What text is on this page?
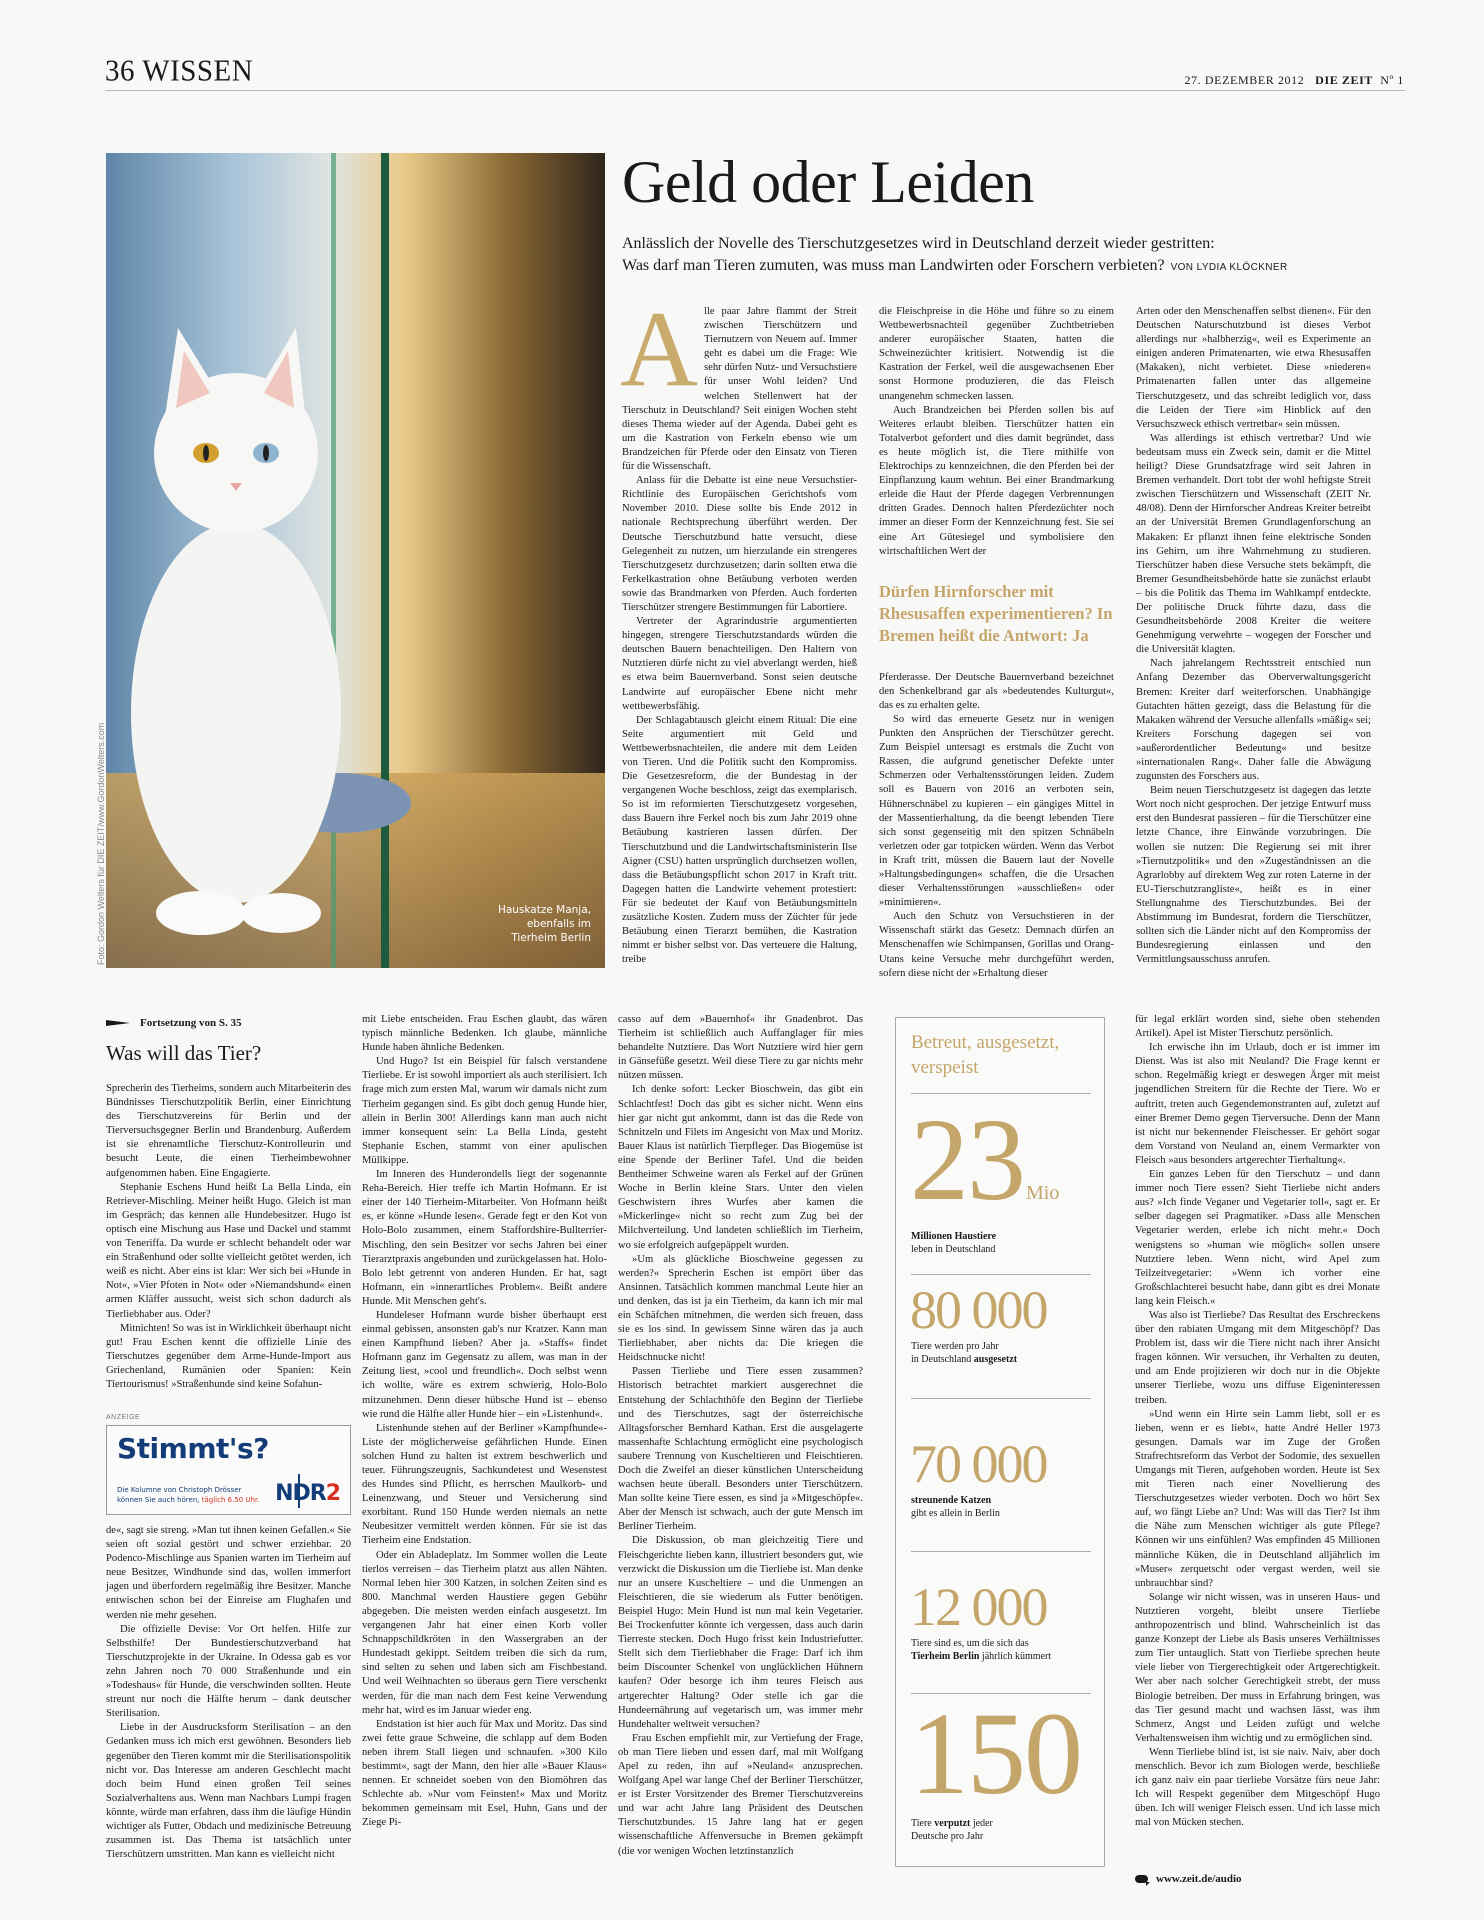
36 WISSEN	27. DEZEMBER 2012 DIE ZEIT Nº 1
Hauskatze Manja,
ebenfalls im
Tierheim Berlin
Foto: Gordon Welters für DIE ZEIT/www.GordonWelters.com
Geld oder Leiden
Anlässlich der Novelle des Tierschutzgesetzes wird in Deutschland derzeit wieder gestritten:
Was darf man Tieren zumuten, was muss man Landwirten oder Forschern verbieten? VON LYDIA KLÖCKNER

Alle paar Jahre flammt der Streit zwischen Tierschützern und Tiernutzern von Neuem auf. Immer geht es dabei um die Frage: Wie sehr dürfen Nutz- und Versuchstiere für unser Wohl leiden? Und welchen Stellenwert hat der Tierschutz in Deutschland? Seit einigen Wochen steht dieses Thema wieder auf der Agenda. Dabei geht es um die Kastration von Ferkeln ebenso wie um Brandzeichen für Pferde oder den Einsatz von Tieren für die Wissenschaft.

Anlass für die Debatte ist eine neue Versuchstier-Richtlinie des Europäischen Gerichtshofs vom November 2010. Diese sollte bis Ende 2012 in nationale Rechtsprechung überführt werden. Der Deutsche Tierschutzbund hatte versucht, diese Gelegenheit zu nutzen, um hierzulande ein strengeres Tierschutzgesetz durchzusetzen; darin sollten etwa die Ferkelkastration ohne Betäubung verboten werden sowie das Brandmarken von Pferden. Auch forderten Tierschützer strengere Bestimmungen für Labortiere.

Vertreter der Agrarindustrie argumentierten hingegen, strengere Tierschutzstandards würden die deutschen Bauern benachteiligen. Den Haltern von Nutztieren dürfe nicht zu viel abverlangt werden, hieß es etwa beim Bauernverband. Sonst seien deutsche Landwirte auf europäischer Ebene nicht mehr wettbewerbsfähig.

Der Schlagabtausch gleicht einem Ritual: Die eine Seite argumentiert mit Geld und Wettbewerbsnachteilen, die andere mit dem Leiden von Tieren. Und die Politik sucht den Kompromiss. Die Gesetzesreform, die der Bundestag in der vergangenen Woche beschloss, zeigt das exemplarisch. So ist im reformierten Tierschutzgesetz vorgesehen, dass Bauern ihre Ferkel noch bis zum Jahr 2019 ohne Betäubung kastrieren lassen dürfen. Der Tierschutzbund und die Landwirtschaftsministerin Ilse Aigner (CSU) hatten ursprünglich durchsetzen wollen, dass die Betäubungspflicht schon 2017 in Kraft tritt. Dagegen hatten die Landwirte vehement protestiert: Für sie bedeutet der Kauf von Betäubungsmitteln zusätzliche Kosten. Zudem muss der Züchter für jede Betäubung einen Tierarzt bemühen, die Kastration nimmt er bisher selbst vor. Das verteuere die Haltung, treibe

die Fleischpreise in die Höhe und führe so zu einem Wettbewerbsnachteil gegenüber Zuchtbetrieben anderer europäischer Staaten, hatten die Schweinezüchter kritisiert. Notwendig ist die Kastration der Ferkel, weil die ausgewachsenen Eber sonst Hormone produzieren, die das Fleisch unangenehm schmecken lassen.

Auch Brandzeichen bei Pferden sollen bis auf Weiteres erlaubt bleiben. Tierschützer hatten ein Totalverbot gefordert und dies damit begründet, dass es heute möglich ist, die Tiere mithilfe von Elektrochips zu kennzeichnen, die den Pferden bei der Einpflanzung kaum wehtun. Bei einer Brandmarkung erleide die Haut der Pferde dagegen Verbrennungen dritten Grades. Dennoch halten Pferdezüchter noch immer an dieser Form der Kennzeichnung fest. Sie sei eine Art Gütesiegel und symbolisiere den wirtschaftlichen Wert der

Dürfen Hirnforscher mit Rhesusaffen experimentieren? In Bremen heißt die Antwort: Ja

Pferderasse. Der Deutsche Bauernverband bezeichnet den Schenkelbrand gar als »bedeutendes Kulturgut«, das es zu erhalten gelte.

So wird das erneuerte Gesetz nur in wenigen Punkten den Ansprüchen der Tierschützer gerecht. Zum Beispiel untersagt es erstmals die Zucht von Rassen, die aufgrund genetischer Defekte unter Schmerzen oder Verhaltensstörungen leiden. Zudem soll es Bauern von 2016 an verboten sein, Hühnerschnäbel zu kupieren – ein gängiges Mittel in der Massentierhaltung, da die beengt lebenden Tiere sich sonst gegenseitig mit den spitzen Schnäbeln verletzen oder gar totpicken würden. Wenn das Verbot in Kraft tritt, müssen die Bauern laut der Novelle »Haltungsbedingungen« schaffen, die die Ursachen dieser Verhaltensstörungen »ausschließen« oder »minimieren«.

Auch den Schutz von Versuchstieren in der Wissenschaft stärkt das Gesetz: Demnach dürfen an Menschenaffen wie Schimpansen, Gorillas und Orang-Utans keine Versuche mehr durchgeführt werden, sofern diese nicht der »Erhaltung dieser

Arten oder den Menschenaffen selbst dienen«. Für den Deutschen Naturschutzbund ist dieses Verbot allerdings nur »halbherzig«, weil es Experimente an einigen anderen Primatenarten, wie etwa Rhesusaffen (Makaken), nicht verbietet. Diese »niederen« Primatenarten fallen unter das allgemeine Tierschutzgesetz, und das schreibt lediglich vor, dass die Leiden der Tiere »im Hinblick auf den Versuchszweck ethisch vertretbar« sein müssen.

Was allerdings ist ethisch vertretbar? Und wie bedeutsam muss ein Zweck sein, damit er die Mittel heiligt? Diese Grundsatzfrage wird seit Jahren in Bremen verhandelt. Dort tobt der wohl heftigste Streit zwischen Tierschützern und Wissenschaft (ZEIT Nr. 48/08). Denn der Hirnforscher Andreas Kreiter betreibt an der Universität Bremen Grundlagenforschung an Makaken: Er pflanzt ihnen feine elektrische Sonden ins Gehirn, um ihre Wahrnehmung zu studieren. Tierschützer haben diese Versuche stets bekämpft, die Bremer Gesundheitsbehörde hatte sie zunächst erlaubt – bis die Politik das Thema im Wahlkampf entdeckte. Der politische Druck führte dazu, dass die Gesundheitsbehörde 2008 Kreiter die weitere Genehmigung verwehrte – wogegen der Forscher und die Universität klagten.

Nach jahrelangem Rechtsstreit entschied nun Anfang Dezember das Oberverwaltungsgericht Bremen: Kreiter darf weiterforschen. Unabhängige Gutachten hätten gezeigt, dass die Belastung für die Makaken während der Versuche allenfalls »mäßig« sei; Kreiters Forschung dagegen sei von »außerordentlicher Bedeutung« und besitze »internationalen Rang«. Daher falle die Abwägung zugunsten des Forschers aus.

Beim neuen Tierschutzgesetz ist dagegen das letzte Wort noch nicht gesprochen. Der jetzige Entwurf muss erst den Bundesrat passieren – für die Tierschützer eine letzte Chance, ihre Einwände vorzubringen. Die wollen sie nutzen: Die Regierung sei mit ihrer »Tiernutzpolitik« und den »Zugeständnissen an die Agrarlobby auf direktem Weg zur roten Laterne in der EU-Tierschutzrangliste«, heißt es in einer Stellungnahme des Tierschutzbundes. Bei der Abstimmung im Bundesrat, fordern die Tierschützer, sollten sich die Länder nicht auf den Kompromiss der Bundesregierung einlassen und den Vermittlungsausschuss anrufen.

Fortsetzung von S. 35
Was will das Tier?

Sprecherin des Tierheims, sondern auch Mitarbeiterin des Bündnisses Tierschutzpolitik Berlin, einer Einrichtung des Tierschutzvereins für Berlin und der Tierversuchsgegner Berlin und Brandenburg. Außerdem ist sie ehrenamtliche Tierschutz-Kontrolleurin und besucht Leute, die einen Tierheimbewohner aufgenommen haben. Eine Engagierte.

Stephanie Eschens Hund heißt La Bella Linda, ein Retriever-Mischling. Meiner heißt Hugo. Gleich ist man im Gespräch; das kennen alle Hundebesitzer. Hugo ist optisch eine Mischung aus Hase und Dackel und stammt von Teneriffa. Da wurde er schlecht behandelt oder war ein Straßenhund oder sollte vielleicht getötet werden, ich weiß es nicht. Aber eins ist klar: Wer sich bei »Hunde in Not«, »Vier Pfoten in Not« oder »Niemandshund« einen armen Kläffer aussucht, weist sich schon dadurch als Tierliebhaber aus. Oder?

Mitnichten! So was ist in Wirklichkeit überhaupt nicht gut! Frau Eschen kennt die offizielle Linie des Tierschutzes gegenüber dem Arme-Hunde-Import aus Griechenland, Rumänien oder Spanien: Kein Tiertourismus! »Straßenhunde sind keine Sofahun-

ANZEIGE
Stimmt's?
Die Kolumne von Christoph Drösser
können Sie auch hören, täglich 6.50 Uhr. NDR2

de«, sagt sie streng. »Man tut ihnen keinen Gefallen.« Sie seien oft sozial gestört und schwer erziehbar. 20 Podenco-Mischlinge aus Spanien warten im Tierheim auf neue Besitzer, Windhunde sind das, wollen immerfort jagen und überfordern regelmäßig ihre Besitzer. Manche entwischen schon bei der Einreise am Flughafen und werden nie mehr gesehen.

Die offizielle Devise: Vor Ort helfen. Hilfe zur Selbsthilfe! Der Bundestierschutzverband hat Tierschutzprojekte in der Ukraine. In Odessa gab es vor zehn Jahren noch 70 000 Straßenhunde und ein »Todeshaus« für Hunde, die verschwinden sollten. Heute streunt nur noch die Hälfte herum – dank deutscher Sterilisation.

Liebe in der Ausdrucksform Sterilisation – an den Gedanken muss ich mich erst gewöhnen. Besonders lieb gegenüber den Tieren kommt mir die Sterilisationspolitik nicht vor. Das Interesse am anderen Geschlecht macht doch beim Hund einen großen Teil seines Sozialverhaltens aus. Wenn man Nachbars Lumpi fragen könnte, würde man erfahren, dass ihm die läufige Hündin wichtiger als Futter, Obdach und medizinische Betreuung zusammen ist. Das Thema ist tatsächlich unter Tierschützern umstritten. Man kann es vielleicht nicht

mit Liebe entscheiden. Frau Eschen glaubt, das wären typisch männliche Bedenken. Ich glaube, männliche Hunde haben ähnliche Bedenken.

Und Hugo? Ist ein Beispiel für falsch verstandene Tierliebe. Er ist sowohl importiert als auch sterilisiert. Ich frage mich zum ersten Mal, warum wir damals nicht zum Tierheim gegangen sind. Es gibt doch genug Hunde hier, allein in Berlin 300! Allerdings kann man auch nicht immer konsequent sein: La Bella Linda, gesteht Stephanie Eschen, stammt von einer apulischen Müllkippe.

Im Inneren des Hunderondells liegt der sogenannte Reha-Bereich. Hier treffe ich Martin Hofmann. Er ist einer der 140 Tierheim-Mitarbeiter. Von Hofmann heißt es, er könne »Hunde lesen«. Gerade fegt er den Kot von Holo-Bolo zusammen, einem Staffordshire-Bullterrier-Mischling, den sein Besitzer vor sechs Jahren bei einer Tierarztpraxis angebunden und zurückgelassen hat. Holo-Bolo lebt getrennt von anderen Hunden. Er hat, sagt Hofmann, ein »innerartliches Problem«. Beißt andere Hunde. Mit Menschen geht's.

Hundeleser Hofmann wurde bisher überhaupt erst einmal gebissen, ansonsten gab's nur Kratzer. Kann man einen Kampfhund lieben? Aber ja. »Staffs« findet Hofmann ganz im Gegensatz zu allem, was man in der Zeitung liest, »cool und freundlich«. Doch selbst wenn ich wollte, wäre es extrem schwierig, Holo-Bolo mitzunehmen. Denn dieser hübsche Hund ist – ebenso wie rund die Hälfte aller Hunde hier – ein »Listenhund«.

Listenhunde stehen auf der Berliner »Kampfhunde«-Liste der möglicherweise gefährlichen Hunde. Einen solchen Hund zu halten ist extrem beschwerlich und teuer. Führungszeugnis, Sachkundetest und Wesenstest des Hundes sind Pflicht, es herrschen Maulkorb- und Leinenzwang, und Steuer und Versicherung sind exorbitant. Rund 150 Hunde werden niemals an nette Neubesitzer vermittelt werden können. Für sie ist das Tierheim eine Endstation.

Oder ein Abladeplatz. Im Sommer wollen die Leute tierlos verreisen – das Tierheim platzt aus allen Nähten. Normal leben hier 300 Katzen, in solchen Zeiten sind es 800. Manchmal werden Haustiere gegen Gebühr abgegeben. Die meisten werden einfach ausgesetzt. Im vergangenen Jahr hat einer einen Korb voller Schnappschildkröten in den Wassergraben an der Hundestadt gekippt. Seitdem treiben die sich da rum, sind selten zu sehen und laben sich am Fischbestand. Und weil Weihnachten so überaus gern Tiere verschenkt werden, für die man nach dem Fest keine Verwendung mehr hat, wird es im Januar wieder eng.

Endstation ist hier auch für Max und Moritz. Das sind zwei fette graue Schweine, die schlapp auf dem Boden neben ihrem Stall liegen und schnaufen. »300 Kilo bestimmt«, sagt der Mann, den hier alle »Bauer Klaus« nennen. Er schneidet soeben von den Biomöhren das Schlechte ab. »Nur vom Feinsten!« Max und Moritz bekommen gemeinsam mit Esel, Huhn, Gans und der Ziege Pi-

casso auf dem »Bauernhof« ihr Gnadenbrot. Das Tierheim ist schließlich auch Auffanglager für mies behandelte Nutztiere. Das Wort Nutztiere wird hier gern in Gänsefüße gesetzt. Weil diese Tiere zu gar nichts mehr nützen müssen.

Ich denke sofort: Lecker Bioschwein, das gibt ein Schlachtfest! Doch das gibt es sicher nicht. Wenn eins hier gar nicht gut ankommt, dann ist das die Rede von Schnitzeln und Filets im Angesicht von Max und Moritz. Bauer Klaus ist natürlich Tierpfleger. Das Biogemüse ist eine Spende der Berliner Tafel. Und die beiden Bentheimer Schweine waren als Ferkel auf der Grünen Woche in Berlin kleine Stars. Unter den vielen Geschwistern ihres Wurfes aber kamen die »Mickerlinge« nicht so recht zum Zug bei der Milchverteilung. Und landeten schließlich im Tierheim, wo sie erfolgreich aufgepäppelt wurden.

»Um als glückliche Bioschweine gegessen zu werden?« Sprecherin Eschen ist empört über das Ansinnen. Tatsächlich kommen manchmal Leute hier an und denken, das ist ja ein Tierheim, da kann ich mir mal ein Schäfchen mitnehmen, die werden sich freuen, dass sie es los sind. In gewissem Sinne wären das ja auch Tierliebhaber, aber nichts da: Die kriegen die Heidschnucke nicht!

Passen Tierliebe und Tiere essen zusammen? Historisch betrachtet markiert ausgerechnet die Entstehung der Schlachthöfe den Beginn der Tierliebe und des Tierschutzes, sagt der österreichische Alltagsforscher Bernhard Kathan. Erst die ausgelagerte massenhafte Schlachtung ermöglicht eine psychologisch saubere Trennung von Kuscheltieren und Fleischtieren. Doch die Zweifel an dieser künstlichen Unterscheidung wachsen heute überall. Besonders unter Tierschützern. Man sollte keine Tiere essen, es sind ja »Mitgeschöpfe«. Aber der Mensch ist schwach, auch der gute Mensch im Berliner Tierheim.

Die Diskussion, ob man gleichzeitig Tiere und Fleischgerichte lieben kann, illustriert besonders gut, wie verzwickt die Diskussion um die Tierliebe ist. Man denke nur an unsere Kuscheltiere – und die Unmengen an Fleischtieren, die sie wiederum als Futter benötigen. Beispiel Hugo: Mein Hund ist nun mal kein Vegetarier. Bei Trockenfutter könnte ich vergessen, dass auch darin Tierreste stecken. Doch Hugo frisst kein Industriefutter. Stellt sich dem Tierliebhaber die Frage: Darf ich ihm beim Discounter Schenkel von unglücklichen Hühnern kaufen? Oder besorge ich ihm teures Fleisch aus artgerechter Haltung? Oder stelle ich gar die Hundeernährung auf vegetarisch um, was immer mehr Hundehalter weltweit versuchen?

Frau Eschen empfiehlt mir, zur Vertiefung der Frage, ob man Tiere lieben und essen darf, mal mit Wolfgang Apel zu reden, ihn auf »Neuland« anzusprechen. Wolfgang Apel war lange Chef der Berliner Tierschützer, er ist Erster Vorsitzender des Bremer Tierschutzvereins und war acht Jahre lang Präsident des Deutschen Tierschutzbundes. 15 Jahre lang hat er gegen wissenschaftliche Affenversuche in Bremen gekämpft (die vor wenigen Wochen letztinstanzlich

Betreut, ausgesetzt, verspeist
23 Mio
Millionen Haustiere
leben in Deutschland
80 000
Tiere werden pro Jahr
in Deutschland ausgesetzt
70 000
streunende Katzen
gibt es allein in Berlin
12 000
Tiere sind es, um die sich das
Tierheim Berlin jährlich kümmert
150
Tiere verputzt jeder
Deutsche pro Jahr

für legal erklärt worden sind, siehe oben stehenden Artikel). Apel ist Mister Tierschutz persönlich.

Ich erwische ihn im Urlaub, doch er ist immer im Dienst. Was ist also mit Neuland? Die Frage kennt er schon. Regelmäßig kriegt er deswegen Ärger mit meist jugendlichen Streitern für die Rechte der Tiere. Wo er auftritt, treten auch Gegendemonstranten auf, zuletzt auf einer Bremer Demo gegen Tierversuche. Denn der Mann ist nicht nur bekennender Fleischesser. Er gehört sogar dem Vorstand von Neuland an, einem Vermarkter von Fleisch »aus besonders artgerechter Tierhaltung«.

Ein ganzes Leben für den Tierschutz – und dann immer noch Tiere essen? Sieht Tierliebe nicht anders aus? »Ich finde Veganer und Vegetarier toll«, sagt er. Er selber dagegen sei Pragmatiker. »Dass alle Menschen Vegetarier werden, erlebe ich nicht mehr.« Doch wenigstens so »human wie möglich« sollen unsere Nutztiere leben. Wenn nicht, wird Apel zum Teilzeitvegetarier: »Wenn ich vorher eine Großschlachterei besucht habe, dann gibt es drei Monate lang kein Fleisch.«

Was also ist Tierliebe? Das Resultat des Erschreckens über den rabiaten Umgang mit dem Mitgeschöpf? Das Problem ist, dass wir die Tiere nicht nach ihrer Ansicht fragen können. Wir versuchen, ihr Verhalten zu deuten, und am Ende projizieren wir doch nur in die Objekte unserer Tierliebe, wozu uns diffuse Eigeninteressen treiben.

»Und wenn ein Hirte sein Lamm liebt, soll er es lieben, wenn er es liebt«, hatte André Heller 1973 gesungen. Damals war im Zuge der Großen Strafrechtsreform das Verbot der Sodomie, des sexuellen Umgangs mit Tieren, aufgehoben worden. Heute ist Sex mit Tieren nach einer Novellierung des Tierschutzgesetzes wieder verboten. Doch wo hört Sex auf, wo fängt Liebe an? Und: Was will das Tier? Ist ihm die Nähe zum Menschen wichtiger als gute Pflege? Können wir uns einfühlen? Was empfinden 45 Millionen männliche Küken, die in Deutschland alljährlich im »Muser« zerquetscht oder vergast werden, weil sie unbrauchbar sind?

Solange wir nicht wissen, was in unseren Haus- und Nutztieren vorgeht, bleibt unsere Tierliebe anthropozentrisch und blind. Wahrscheinlich ist das ganze Konzept der Liebe als Basis unseres Verhältnisses zum Tier untauglich. Statt von Tierliebe sprechen heute viele lieber von Tiergerechtigkeit oder Artgerechtigkeit. Wer aber nach solcher Gerechtigkeit strebt, der muss Biologie betreiben. Der muss in Erfahrung bringen, was das Tier gesund macht und wachsen lässt, was ihm Schmerz, Angst und Leiden zufügt und welche Verhaltensweisen ihm wichtig und zu ermöglichen sind.

Wenn Tierliebe blind ist, ist sie naiv. Naiv, aber doch menschlich. Bevor ich zum Biologen werde, beschließe ich ganz naiv ein paar tierliebe Vorsätze fürs neue Jahr: Ich will Respekt gegenüber dem Mitgeschöpf Hugo üben. Ich will weniger Fleisch essen. Und ich lasse mich mal von Mücken stechen.

www.zeit.de/audio
